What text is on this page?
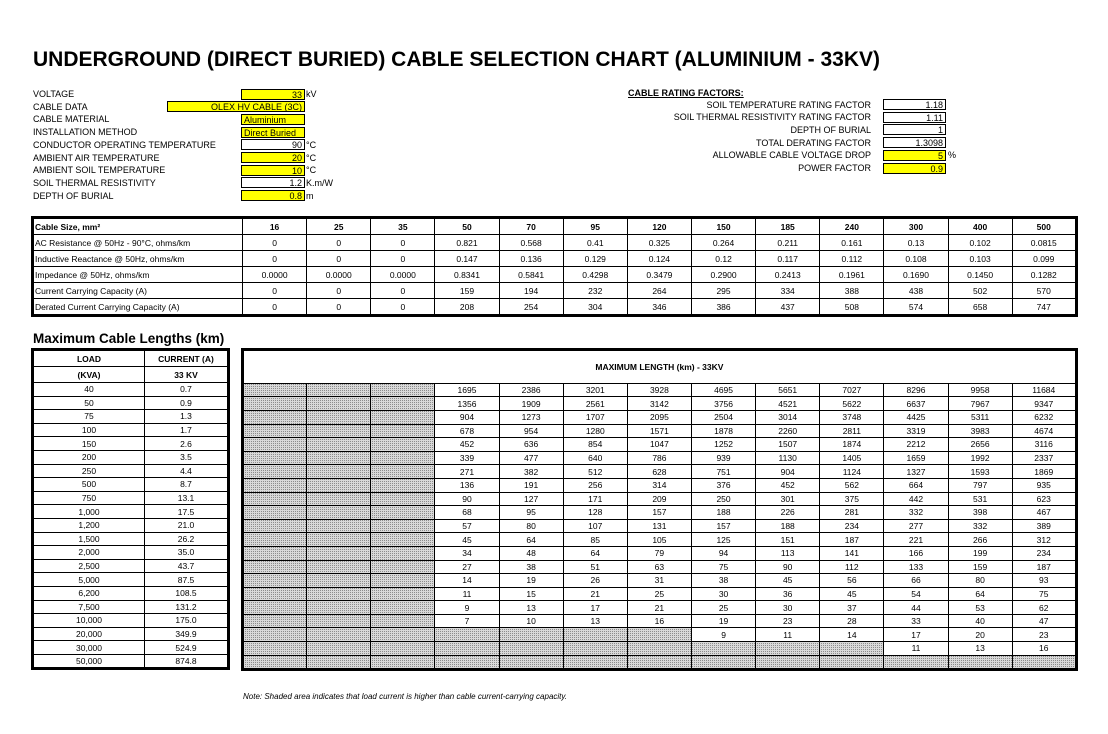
UNDERGROUND (DIRECT BURIED) CABLE SELECTION CHART (ALUMINIUM - 33KV)
VOLTAGE	33 kV
CABLE DATA	OLEX HV CABLE (3C)
CABLE MATERIAL	Aluminium
INSTALLATION METHOD	Direct Buried
CONDUCTOR OPERATING TEMPERATURE	90 °C
AMBIENT AIR TEMPERATURE	20 °C
AMBIENT SOIL TEMPERATURE	10 °C
SOIL THERMAL RESISTIVITY	1.2 K.m/W
DEPTH OF BURIAL	0.8 m
CABLE RATING FACTORS:
SOIL TEMPERATURE RATING FACTOR	1.18
SOIL THERMAL RESISTIVITY RATING FACTOR	1.11
DEPTH OF BURIAL	1
TOTAL DERATING FACTOR	1.3098
ALLOWABLE CABLE VOLTAGE DROP	5 %
POWER FACTOR	0.9
Cable Size, mm²	16	25	35	50	70	95	120	150	185	240	300	400	500
AC Resistance @ 50Hz - 90°C, ohms/km	0	0	0	0.821	0.568	0.41	0.325	0.264	0.211	0.161	0.13	0.102	0.0815
Inductive Reactance @ 50Hz, ohms/km	0	0	0	0.147	0.136	0.129	0.124	0.12	0.117	0.112	0.108	0.103	0.099
Impedance @ 50Hz, ohms/km	0.0000	0.0000	0.0000	0.8341	0.5841	0.4298	0.3479	0.2900	0.2413	0.1961	0.1690	0.1450	0.1282
Current Carrying Capacity (A)	0	0	0	159	194	232	264	295	334	388	438	502	570
Derated Current Carrying Capacity (A)	0	0	0	208	254	304	346	386	437	508	574	658	747
Maximum Cable Lengths (km)
LOAD	CURRENT (A)
(KVA)	33 KV
40	0.7
50	0.9
75	1.3
100	1.7
150	2.6
200	3.5
250	4.4
500	8.7
750	13.1
1,000	17.5
1,200	21.0
1,500	26.2
2,000	35.0
2,500	43.7
5,000	87.5
6,200	108.5
7,500	131.2
10,000	175.0
20,000	349.9
30,000	524.9
50,000	874.8
MAXIMUM LENGTH (km) - 33KV												
			1695	2386	3201	3928	4695	5651	7027	8296	9958	11684
			1356	1909	2561	3142	3756	4521	5622	6637	7967	9347
			904	1273	1707	2095	2504	3014	3748	4425	5311	6232
			678	954	1280	1571	1878	2260	2811	3319	3983	4674
			452	636	854	1047	1252	1507	1874	2212	2656	3116
			339	477	640	786	939	1130	1405	1659	1992	2337
			271	382	512	628	751	904	1124	1327	1593	1869
			136	191	256	314	376	452	562	664	797	935
			90	127	171	209	250	301	375	442	531	623
			68	95	128	157	188	226	281	332	398	467
			57	80	107	131	157	188	234	277	332	389
			45	64	85	105	125	151	187	221	266	312
			34	48	64	79	94	113	141	166	199	234
			27	38	51	63	75	90	112	133	159	187
			14	19	26	31	38	45	56	66	80	93
			11	15	21	25	30	36	45	54	64	75
			9	13	17	21	25	30	37	44	53	62
			7	10	13	16	19	23	28	33	40	47
							9	11	14	17	20	23
										11	13	16

Note: Shaded area indicates that load current is higher than cable current-carrying capacity.
